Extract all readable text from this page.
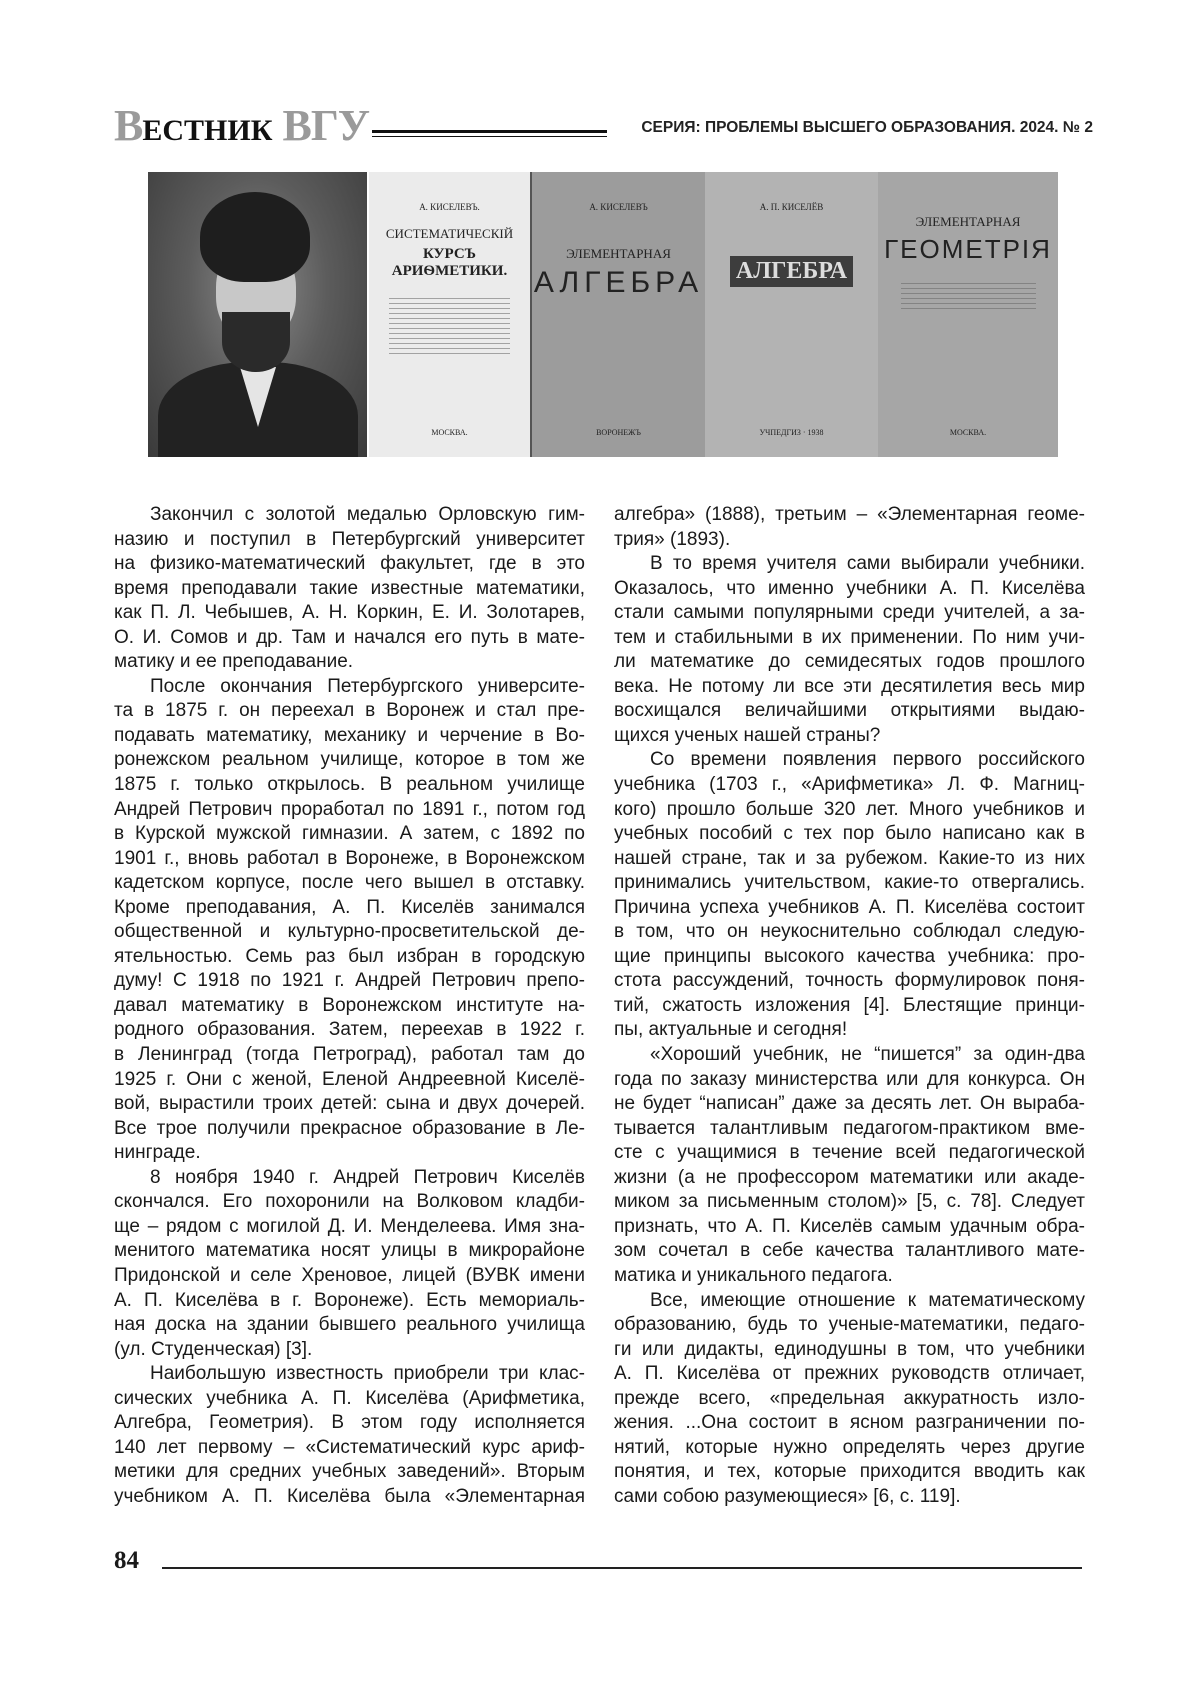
ВЕСТНИК ВГУ	СЕРИЯ: ПРОБЛЕМЫ ВЫСШЕГО ОБРАЗОВАНИЯ. 2024. № 2
А. КИСЕЛЕВЪ.
СИСТЕМАТИЧЕСКІЙ
КУРСЪ АРИѲМЕТИКИ.
МОСКВА.
А. КИСЕЛЕВЪ
ЭЛЕМЕНТАРНАЯ
АЛГЕБРА
ВОРОНЕЖЪ
А. П. КИСЕЛЁВ
АЛГЕБРА
УЧПЕДГИЗ · 1938
ЭЛЕМЕНТАРНАЯ
ГЕОМЕТРІЯ
МОСКВА.
Закончил с золотой медалью Орловскую гим-
назию и поступил в Петербургский университет
на физико-математический факультет, где в это
время преподавали такие известные математики,
как П. Л. Чебышев, А. Н. Коркин, Е. И. Золотарев,
О. И. Сомов и др. Там и начался его путь в мате-
матику и ее преподавание.
После окончания Петербургского университе-
та в 1875 г. он переехал в Воронеж и стал пре-
подавать математику, механику и черчение в Во-
ронежском реальном училище, которое в том же
1875 г. только открылось. В реальном училище
Андрей Петрович проработал по 1891 г., потом год
в Курской мужской гимназии. А затем, с 1892 по
1901 г., вновь работал в Воронеже, в Воронежском
кадетском корпусе, после чего вышел в отставку.
Кроме преподавания, А. П. Киселёв занимался
общественной и культурно-просветительской де-
ятельностью. Семь раз был избран в городскую
думу! С 1918 по 1921 г. Андрей Петрович препо-
давал математику в Воронежском институте на-
родного образования. Затем, переехав в 1922 г.
в Ленинград (тогда Петроград), работал там до
1925 г. Они с женой, Еленой Андреевной Киселё-
вой, вырастили троих детей: сына и двух дочерей.
Все трое получили прекрасное образование в Ле-
нинграде.
8 ноября 1940 г. Андрей Петрович Киселёв
скончался. Его похоронили на Волковом кладби-
ще – рядом с могилой Д. И. Менделеева. Имя зна-
менитого математика носят улицы в микрорайоне
Придонской и селе Хреновое, лицей (ВУВК имени
А. П. Киселёва в г. Воронеже). Есть мемориаль-
ная доска на здании бывшего реального училища
(ул. Студенческая) [3].
Наибольшую известность приобрели три клас-
сических учебника А. П. Киселёва (Арифметика,
Алгебра, Геометрия). В этом году исполняется
140 лет первому – «Систематический курс ариф-
метики для средних учебных заведений». Вторым
учебником А. П. Киселёва была «Элементарная
алгебра» (1888), третьим – «Элементарная геоме-
трия» (1893).
В то время учителя сами выбирали учебники.
Оказалось, что именно учебники А. П. Киселёва
стали самыми популярными среди учителей, а за-
тем и стабильными в их применении. По ним учи-
ли математике до семидесятых годов прошлого
века. Не потому ли все эти десятилетия весь мир
восхищался величайшими открытиями выдаю-
щихся ученых нашей страны?
Со времени появления первого российского
учебника (1703 г., «Арифметика» Л. Ф. Магниц-
кого) прошло больше 320 лет. Много учебников и
учебных пособий с тех пор было написано как в
нашей стране, так и за рубежом. Какие-то из них
принимались учительством, какие-то отвергались.
Причина успеха учебников А. П. Киселёва состоит
в том, что он неукоснительно соблюдал следую-
щие принципы высокого качества учебника: про-
стота рассуждений, точность формулировок поня-
тий, сжатость изложения [4]. Блестящие принци-
пы, актуальные и сегодня!
«Хороший учебник, не “пишется” за один-два
года по заказу министерства или для конкурса. Он
не будет “написан” даже за десять лет. Он выраба-
тывается талантливым педагогом-практиком вме-
сте с учащимися в течение всей педагогической
жизни (а не профессором математики или акаде-
миком за письменным столом)» [5, с. 78]. Следует
признать, что А. П. Киселёв самым удачным обра-
зом сочетал в себе качества талантливого мате-
матика и уникального педагога.
Все, имеющие отношение к математическому
образованию, будь то ученые-математики, педаго-
ги или дидакты, единодушны в том, что учебники
А. П. Киселёва от прежних руководств отличает,
прежде всего, «предельная аккуратность изло-
жения. ...Она состоит в ясном разграничении по-
нятий, которые нужно определять через другие
понятия, и тех, которые приходится вводить как
сами собою разумеющиеся» [6, с. 119].
84
